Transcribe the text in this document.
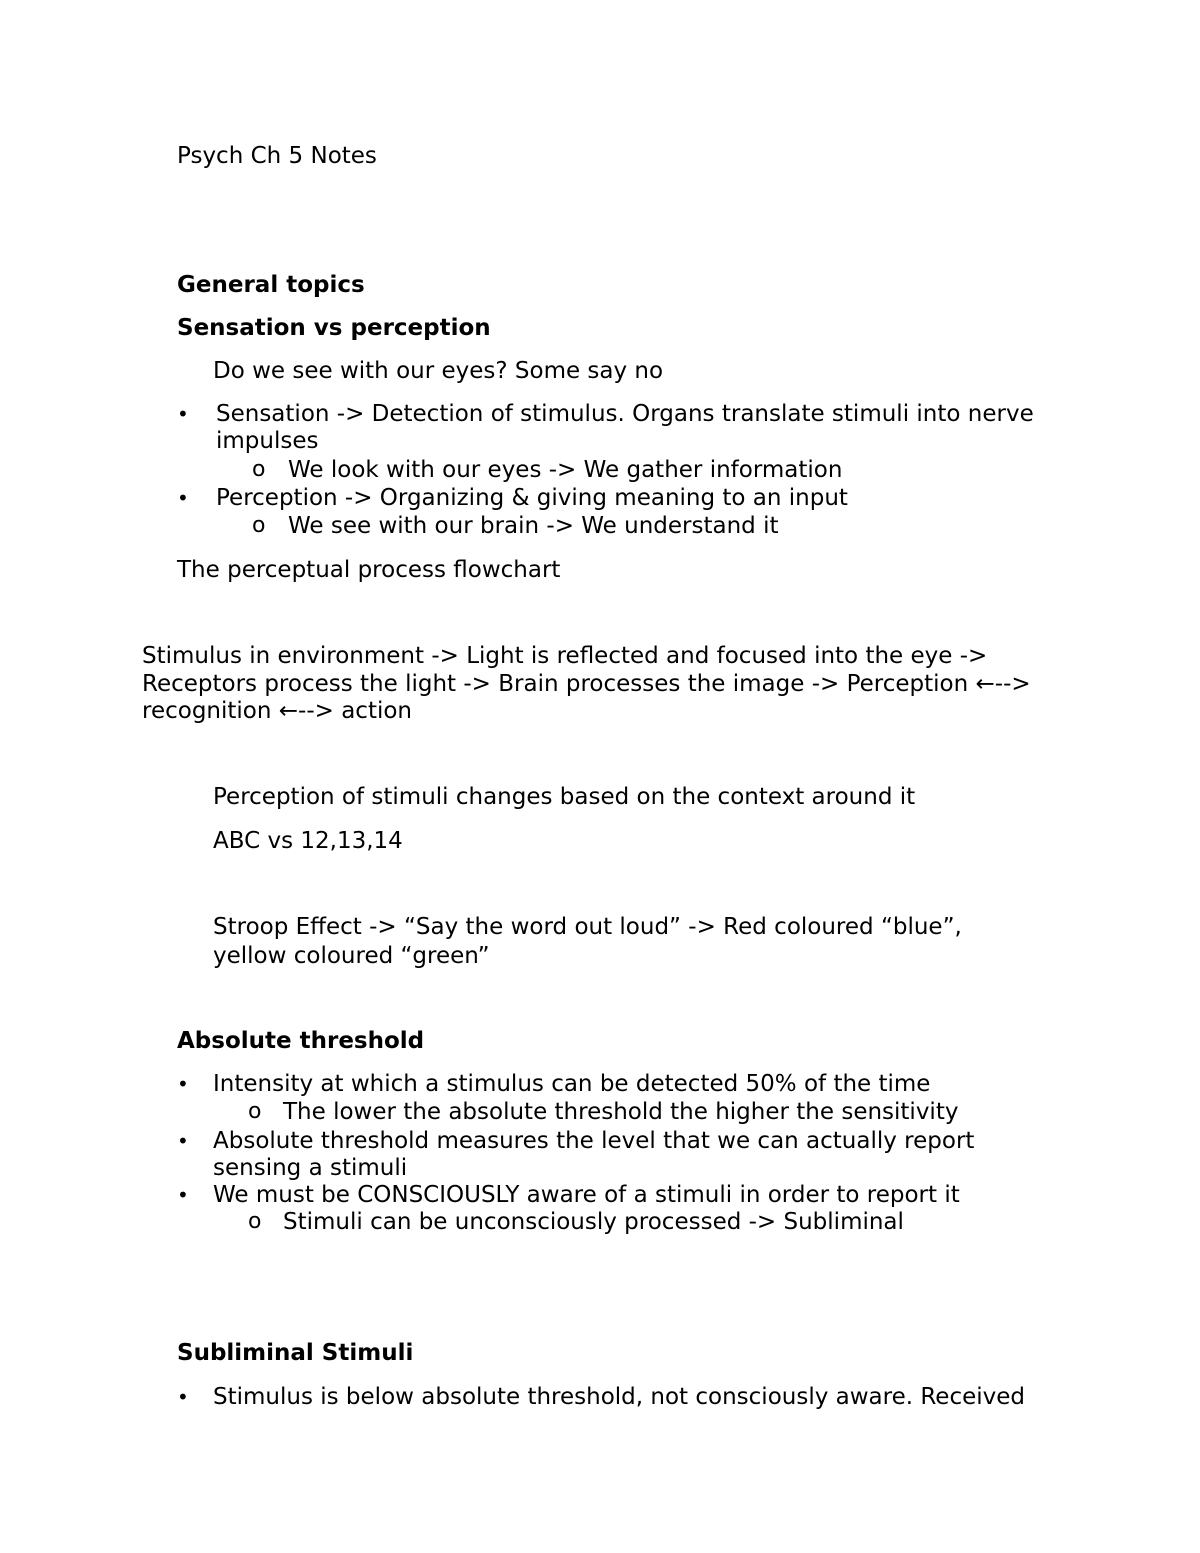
Psych Ch 5 Notes

General topics

Sensation vs perception

Do we see with our eyes? Some say no

• Sensation -> Detection of stimulus. Organs translate stimuli into nerve

impulses

o We look with our eyes -> We gather information

• Perception -> Organizing & giving meaning to an input

o We see with our brain -> We understand it

The perceptual process flowchart

Stimulus in environment -> Light is reflected and focused into the eye ->

Receptors process the light -> Brain processes the image -> Perception ←-->

recognition ←--> action

Perception of stimuli changes based on the context around it

ABC vs 12,13,14

Stroop Effect -> “Say the word out loud” -> Red coloured “blue”,

yellow coloured “green”

Absolute threshold

• Intensity at which a stimulus can be detected 50% of the time

o The lower the absolute threshold the higher the sensitivity

• Absolute threshold measures the level that we can actually report

sensing a stimuli

• We must be CONSCIOUSLY aware of a stimuli in order to report it

o Stimuli can be unconsciously processed -> Subliminal

Subliminal Stimuli

• Stimulus is below absolute threshold, not consciously aware. Received
